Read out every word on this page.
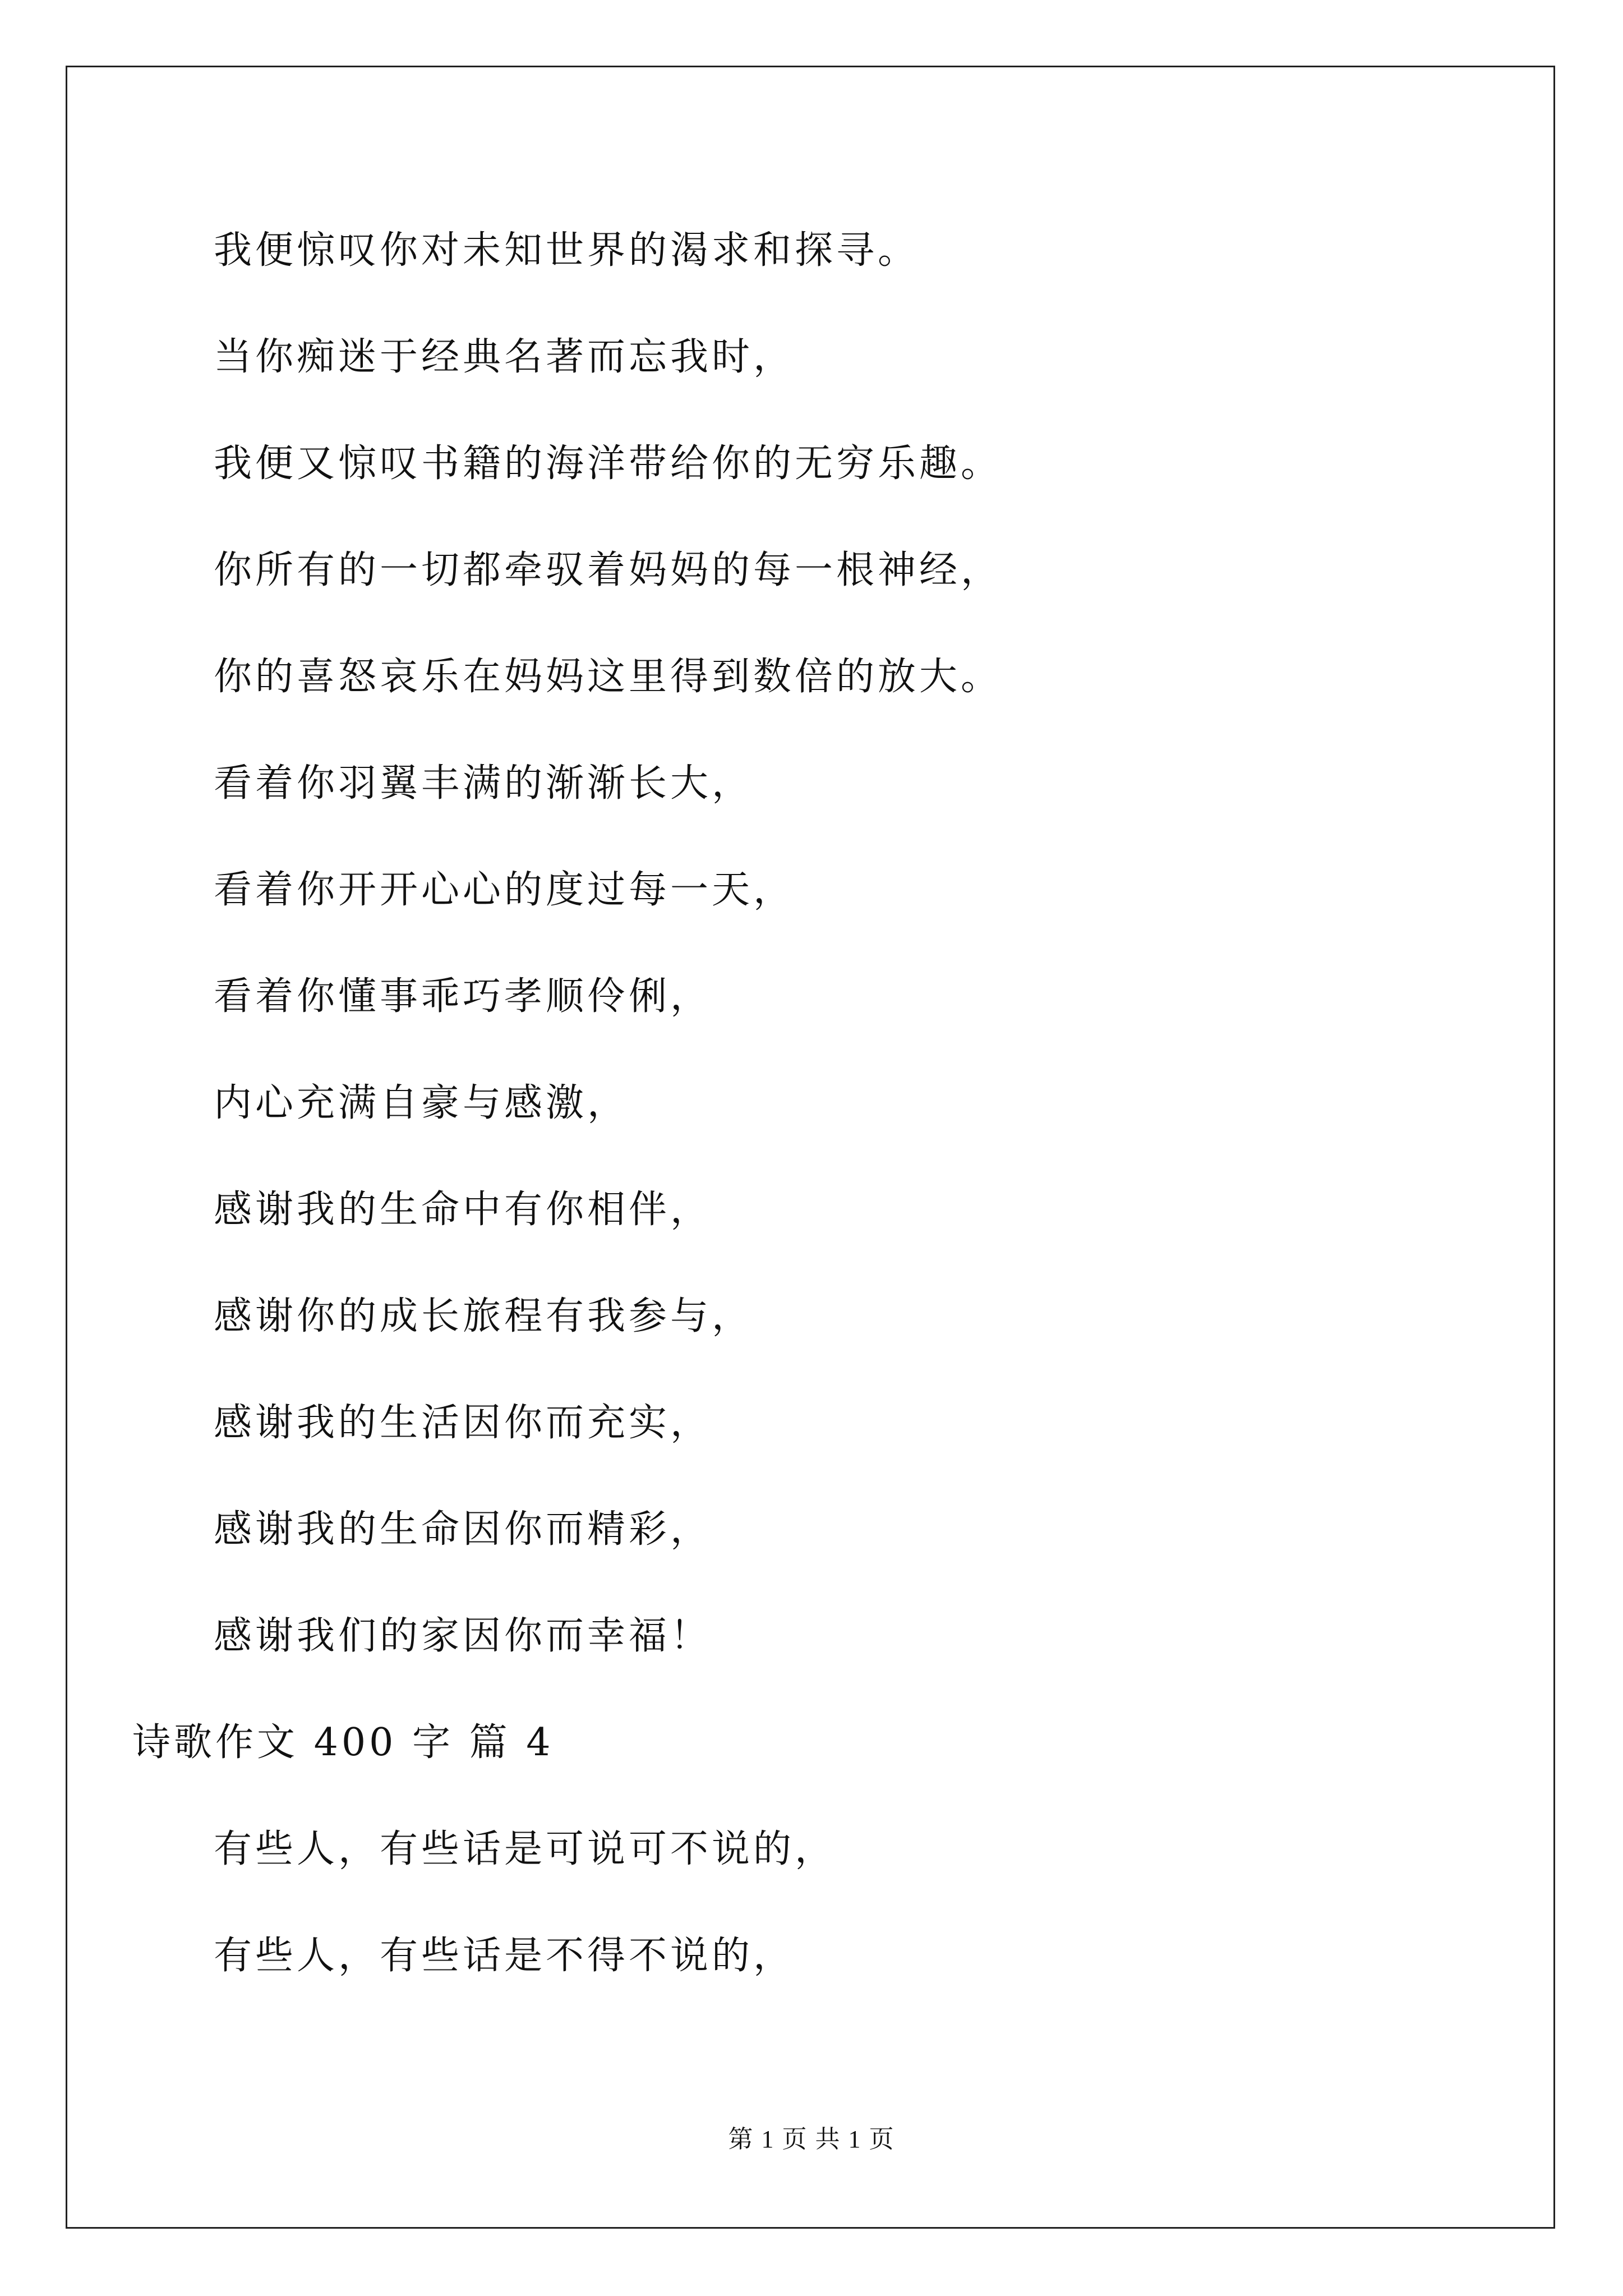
我便惊叹你对未知世界的渴求和探寻。
当你痴迷于经典名著而忘我时，
我便又惊叹书籍的海洋带给你的无穷乐趣。
你所有的一切都牵驭着妈妈的每一根神经，
你的喜怒哀乐在妈妈这里得到数倍的放大。
看着你羽翼丰满的渐渐长大，
看着你开开心心的度过每一天，
看着你懂事乖巧孝顺伶俐，
内心充满自豪与感激，
感谢我的生命中有你相伴，
感谢你的成长旅程有我参与，
感谢我的生活因你而充实，
感谢我的生命因你而精彩，
感谢我们的家因你而幸福！
诗歌作文 400 字 篇 4
有些人，有些话是可说可不说的，
有些人，有些话是不得不说的，
第 1 页 共 1 页
